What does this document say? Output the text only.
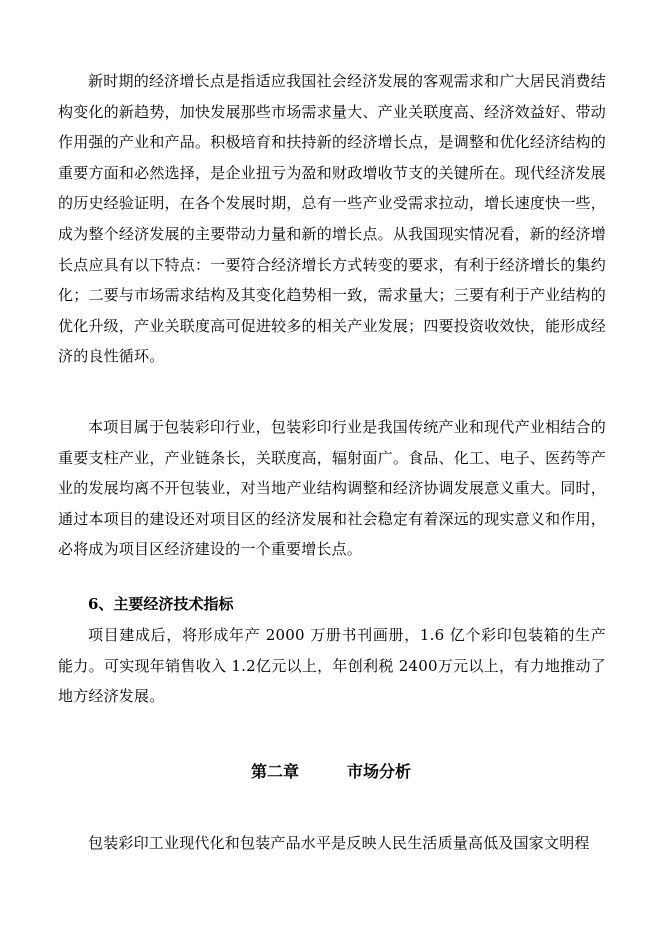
新时期的经济增长点是指适应我国社会经济发展的客观需求和广大居民消费结构变化的新趋势，加快发展那些市场需求量大、产业关联度高、经济效益好、带动作用强的产业和产品。积极培育和扶持新的经济增长点，是调整和优化经济结构的重要方面和必然选择，是企业扭亏为盈和财政增收节支的关键所在。现代经济发展的历史经验证明，在各个发展时期，总有一些产业受需求拉动，增长速度快一些，成为整个经济发展的主要带动力量和新的增长点。从我国现实情况看，新的经济增长点应具有以下特点：一要符合经济增长方式转变的要求，有利于经济增长的集约化；二要与市场需求结构及其变化趋势相一致，需求量大；三要有利于产业结构的优化升级，产业关联度高可促进较多的相关产业发展；四要投资收效快，能形成经济的良性循环。

本项目属于包装彩印行业，包装彩印行业是我国传统产业和现代产业相结合的重要支柱产业，产业链条长，关联度高，辐射面广。食品、化工、电子、医药等产业的发展均离不开包装业，对当地产业结构调整和经济协调发展意义重大。同时，通过本项目的建设还对项目区的经济发展和社会稳定有着深远的现实意义和作用，必将成为项目区经济建设的一个重要增长点。

6、主要经济技术指标

项目建成后，将形成年产 2000 万册书刊画册，1.6 亿个彩印包装箱的生产能力。可实现年销售收入 1.2亿元以上，年创利税 2400万元以上，有力地推动了地方经济发展。

第二章	市场分析

包装彩印工业现代化和包装产品水平是反映人民生活质量高低及国家文明程
